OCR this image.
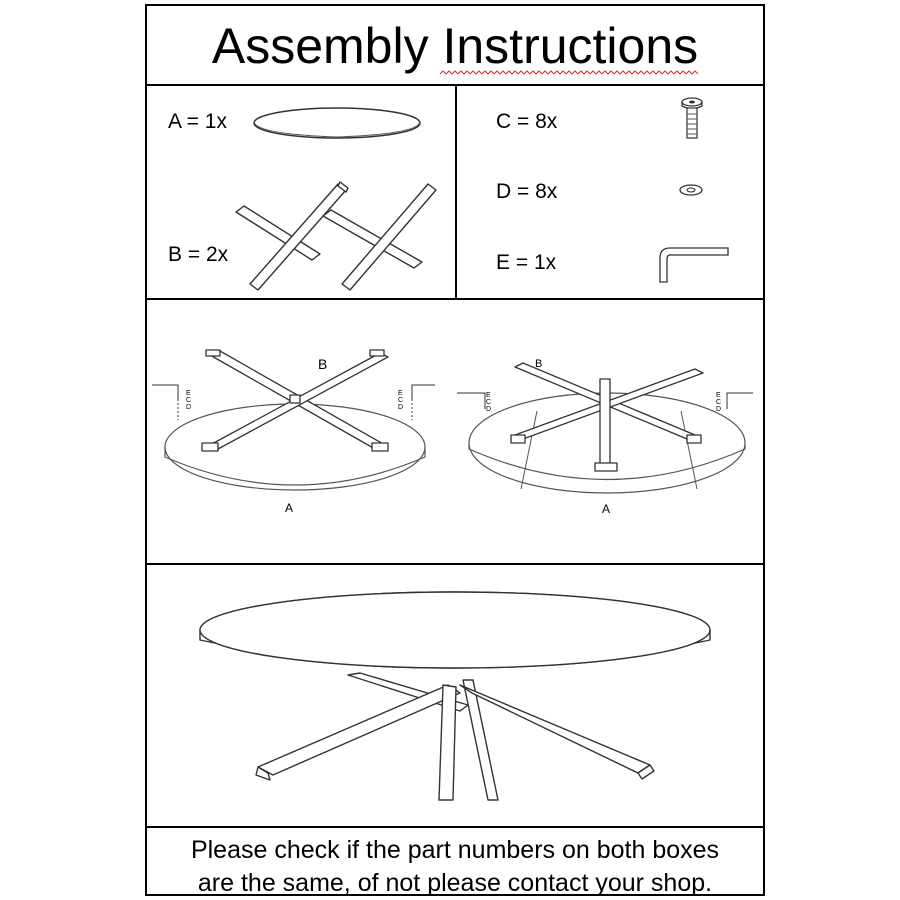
Assembly Instructions
A = 1x
B = 2x
C = 8x
D = 8x
E = 1x
B
A
E
C
D
E
C
D
B
A
E
C
D
E
C
D
Please check if the part numbers on both boxes
are the same, of not please contact your shop.
